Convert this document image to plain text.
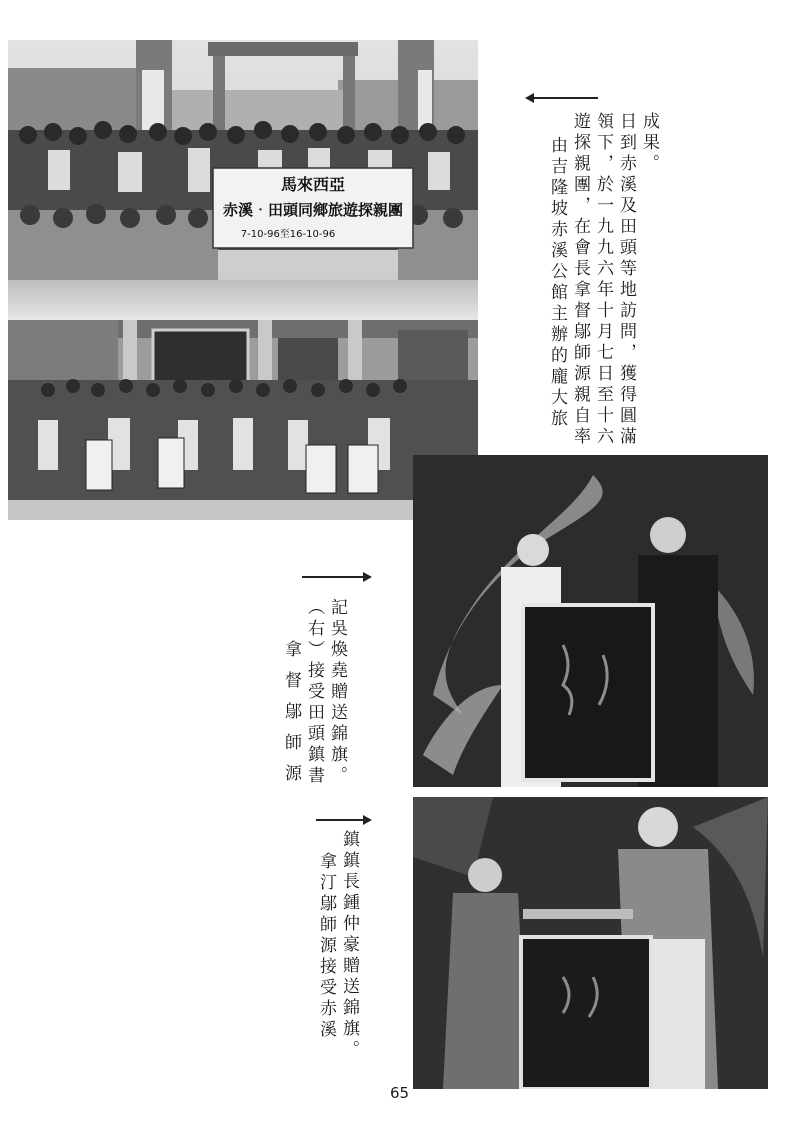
馬來西亞
赤溪‧田頭同鄉旅遊探親團
7-10-96至16-10-96
成果。
日到赤溪及田頭等地訪問，獲得圓滿
領下，於一九九六年十月七日至十六
遊探親團，在會長拿督鄔師源親自率
由吉隆坡赤溪公館主辦的龐大旅
記吳煥堯贈送錦旗。
（右）接受田頭鎮書
拿督鄔師源
鎮鎮長鍾仲豪贈送錦旗。
拿汀鄔師源接受赤溪
65
